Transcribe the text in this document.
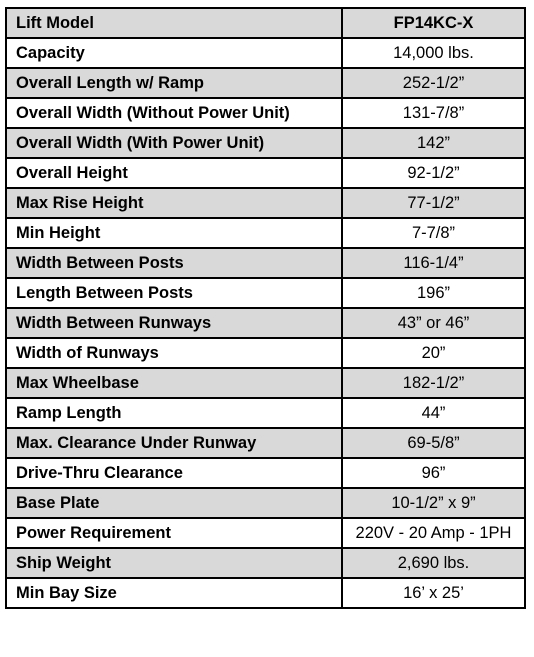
Lift Model	FP14KC-X
Capacity	14,000 lbs.
Overall Length w/ Ramp	252-1/2”
Overall Width (Without Power Unit)	131-7/8”
Overall Width (With Power Unit)	142”
Overall Height	92-1/2”
Max Rise Height	77-1/2”
Min Height	7-7/8”
Width Between Posts	116-1/4”
Length Between Posts	196”
Width Between Runways	43” or 46”
Width of Runways	20”
Max Wheelbase	182-1/2”
Ramp Length	44”
Max. Clearance Under Runway	69-5/8”
Drive-Thru Clearance	96”
Base Plate	10-1/2” x 9”
Power Requirement	220V - 20 Amp - 1PH
Ship Weight	2,690 lbs.
Min Bay Size	16’ x 25’
